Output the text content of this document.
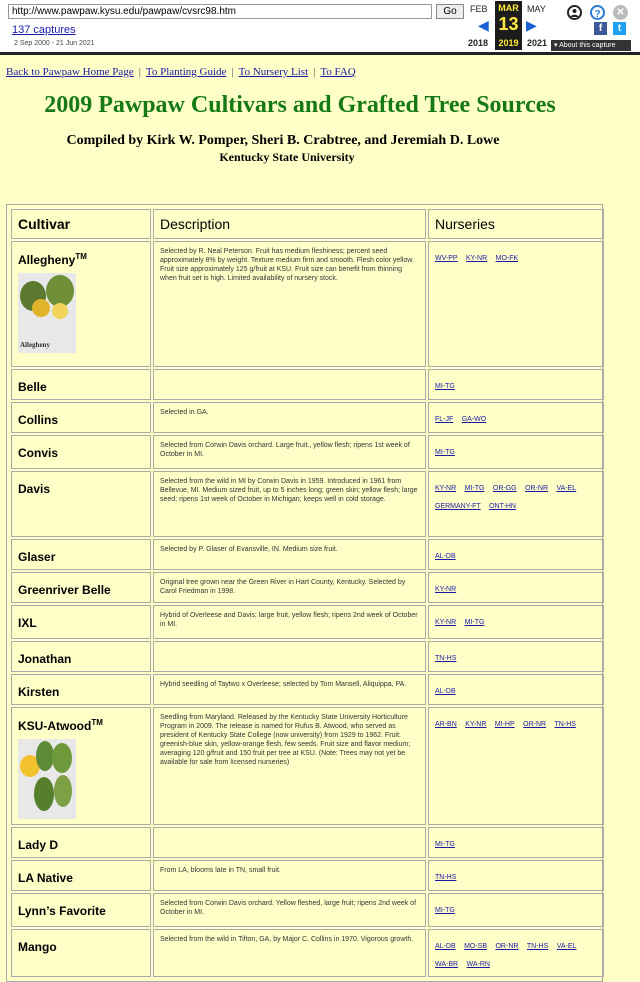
http://www.pawpaw.kysu.edu/pawpaw/cvsrc98.htm	Go
137 captures
2 Sep 2000 - 21 Jun 2021
FEB	MAY
2018	2021
◀	▶
MAR
13
2019
?	✕
f	t
▾ About this capture
Back to Pawpaw Home Page | To Planting Guide | To Nursery List | To FAQ
2009 Pawpaw Cultivars and Grafted Tree Sources
Compiled by Kirk W. Pomper, Sheri B. Crabtree, and Jeremiah D. Lowe
Kentucky State University
Cultivar	Description	Nurseries
Allegheny™
Allegheny	Selected by R. Neal Peterson. Fruit has medium fleshiness; percent seed approximately 8% by weight. Texture medium firm and smooth. Flesh color yellow. Fruit size approximately 125 g/fruit at KSU. Fruit size can benefit from thinning when fruit set is high. Limited availability of nursery stock.	WV-PP KY-NR MO-FK
Belle		MI-TG
Collins	Selected in GA.	FL-JF GA-WO
Convis	Selected from Corwin Davis orchard. Large fruit., yellow flesh; ripens 1st week of October in MI.	MI-TG
Davis	Selected from the wild in MI by Corwin Davis in 1959. Introduced in 1961 from Bellevue, MI. Medium sized fruit, up to 5 inches long; green skin; yellow flesh; large seed; ripens 1st week of October in Michigan; keeps well in cold storage.	KY-NR MI-TG OR-GG OR-NR VA-EL GERMANY-FT ONT-HN
Glaser	Selected by P. Glaser of Evansville, IN. Medium size fruit.	AL-DB
Greenriver Belle	Original tree grown near the Green River in Hart County, Kentucky. Selected by Carol Friedman in 1998.	KY-NR
IXL	Hybrid of Overleese and Davis; large fruit, yellow flesh; ripens 2nd week of October in MI.	KY-NR MI-TG
Jonathan		TN-HS
Kirsten	Hybrid seedling of Taytwo x Overleese; selected by Tom Mansell, Aliquippa, PA.	AL-DB
KSU-Atwood™	Seedling from Maryland. Released by the Kentucky State University Horticulture Program in 2009. The release is named for Rufus B. Atwood, who served as president of Kentucky State College (now university) from 1929 to 1962. Fruit: greenish-blue skin, yellow-orange flesh, few seeds. Fruit size and flavor medium; averaging 120 g/fruit and 150 fruit per tree at KSU. (Note: Trees may not yet be available for sale from licensed nurseries)	AR-BN KY-NR MI-HP OR-NR TN-HS
Lady D		MI-TG
LA Native	From LA, blooms late in TN, small fruit.	TN-HS
Lynn’s Favorite	Selected from Corwin Davis orchard. Yellow fleshed, large fruit; ripens 2nd week of October in MI.	MI-TG
Mango	Selected from the wild in Tifton, GA, by Major C. Collins in 1970. Vigorous growth.	AL-DB MO-SB OR-NR TN-HS VA-EL WA-BR WA-RN
